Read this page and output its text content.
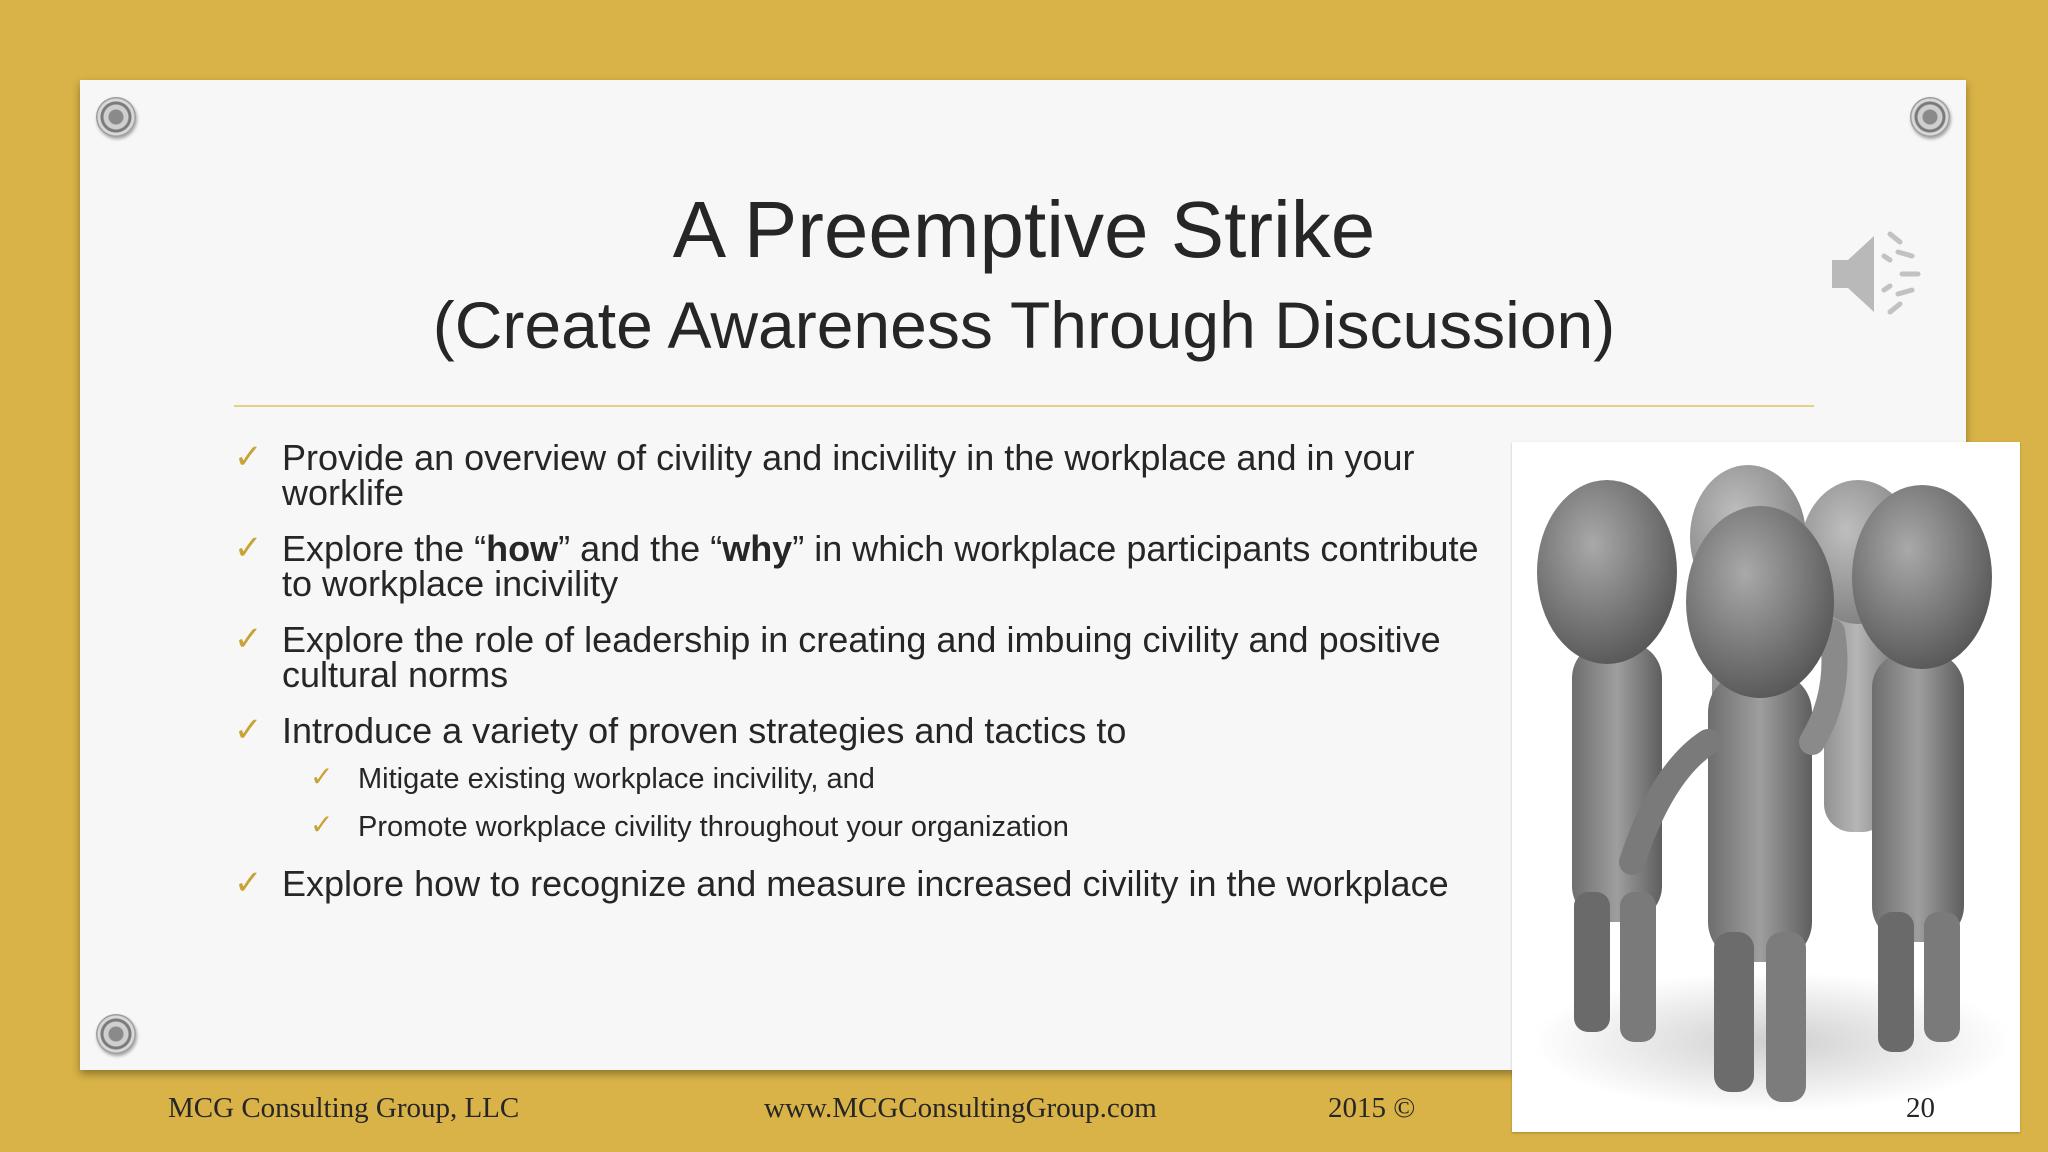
A Preemptive Strike
(Create Awareness Through Discussion)
✓ Provide an overview of civility and incivility in the workplace and in your worklife
✓ Explore the “how” and the “why” in which workplace participants contribute to workplace incivility
✓ Explore the role of leadership in creating and imbuing civility and positive cultural norms
✓ Introduce a variety of proven strategies and tactics to
✓ Mitigate existing workplace incivility, and
✓ Promote workplace civility throughout your organization
✓ Explore how to recognize and measure increased civility in the workplace
MCG Consulting Group, LLC	www.MCGConsultingGroup.com	2015 ©	20
